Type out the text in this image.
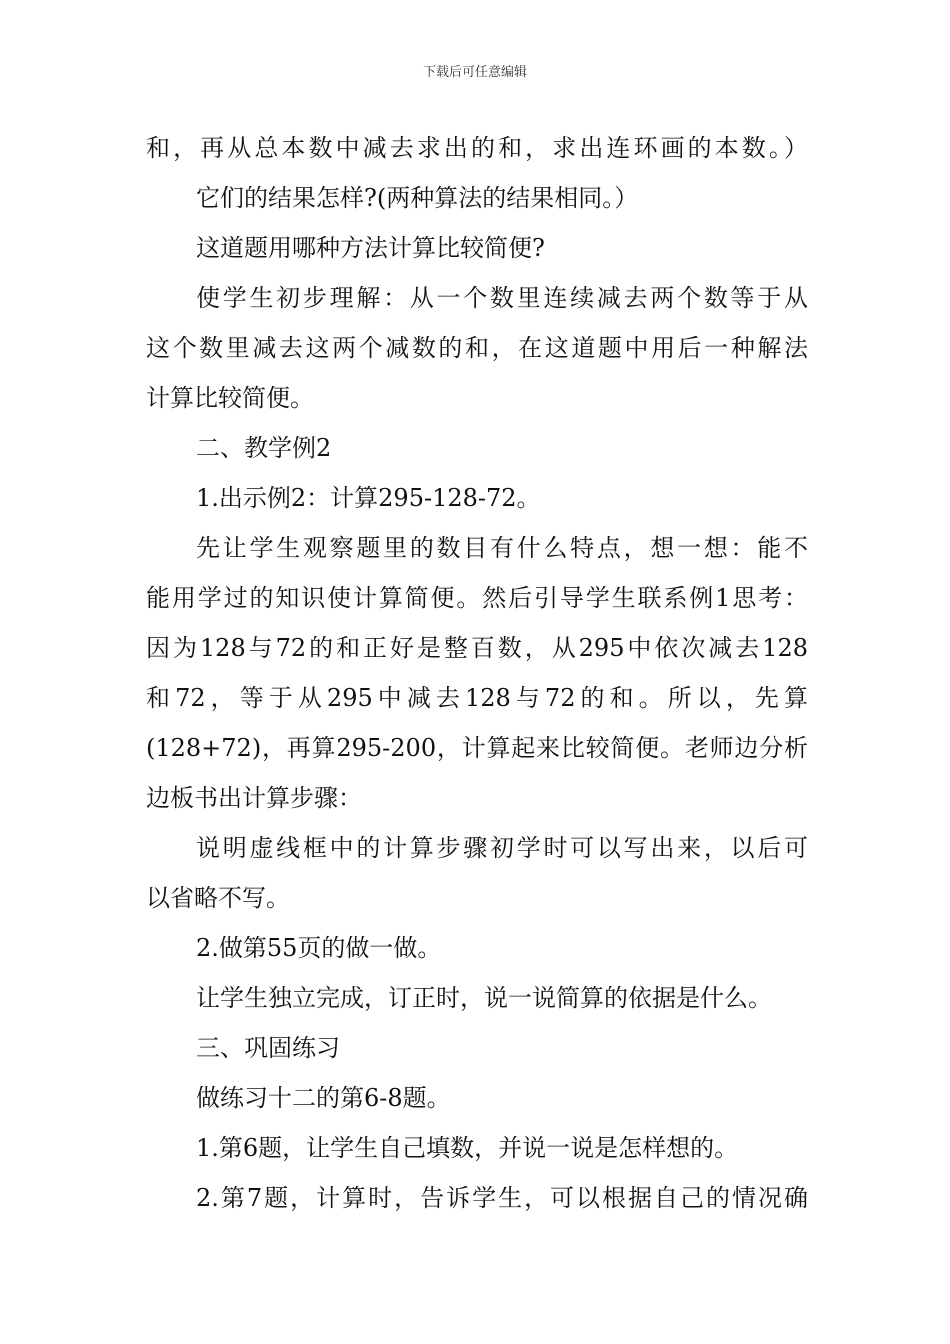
下载后可任意编辑
和，再从总本数中减去求出的和，求出连环画的本数。）
它们的结果怎样?(两种算法的结果相同。）
这道题用哪种方法计算比较简便?
使学生初步理解：从一个数里连续减去两个数等于从
这个数里减去这两个减数的和，在这道题中用后一种解法
计算比较简便。
二、教学例2
1.出示例2：计算295-128-72。
先让学生观察题里的数目有什么特点，想一想：能不
能用学过的知识使计算简便。然后引导学生联系例1思考：
因为128与72的和正好是整百数，从295中依次减去128
和72，等于从295中减去128与72的和。所以，先算
(128+72)，再算295-200，计算起来比较简便。老师边分析
边板书出计算步骤：
说明虚线框中的计算步骤初学时可以写出来，以后可
以省略不写。
2.做第55页的做一做。
让学生独立完成，订正时，说一说简算的依据是什么。
三、巩固练习
做练习十二的第6-8题。
1.第6题，让学生自己填数，并说一说是怎样想的。
2.第7题，计算时，告诉学生，可以根据自己的情况确
